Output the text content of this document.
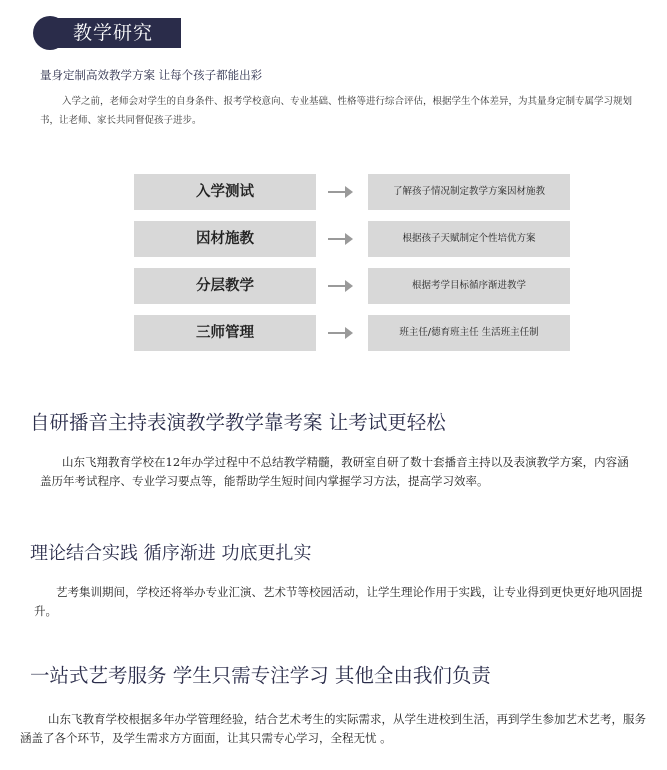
教学研究
量身定制高效教学方案 让每个孩子都能出彩
入学之前，老师会对学生的自身条件、报考学校意向、专业基础、性格等进行综合评估，根据学生个体差异，为其量身定制专属学习规划书，让老师、家长共同督促孩子进步。
入学测试	了解孩子情况制定教学方案因材施教
因材施教	根据孩子天赋制定个性培优方案
分层教学	根据考学目标循序渐进教学
三师管理	班主任/德育班主任 生活班主任制
自研播音主持表演教学教学靠考案 让考试更轻松
山东飞翔教育学校在12年办学过程中不总结教学精髓，教研室自研了数十套播音主持以及表演教学方案，内容涵盖历年考试程序、专业学习要点等，能帮助学生短时间内掌握学习方法，提高学习效率。
理论结合实践 循序渐进 功底更扎实
艺考集训期间，学校还将举办专业汇演、艺术节等校园活动，让学生理论作用于实践，让专业得到更快更好地巩固提升。
一站式艺考服务 学生只需专注学习 其他全由我们负责
山东飞教育学校根据多年办学管理经验，结合艺术考生的实际需求，从学生进校到生活，再到学生参加艺术艺考，服务涵盖了各个环节，及学生需求方方面面，让其只需专心学习，全程无忧 。
